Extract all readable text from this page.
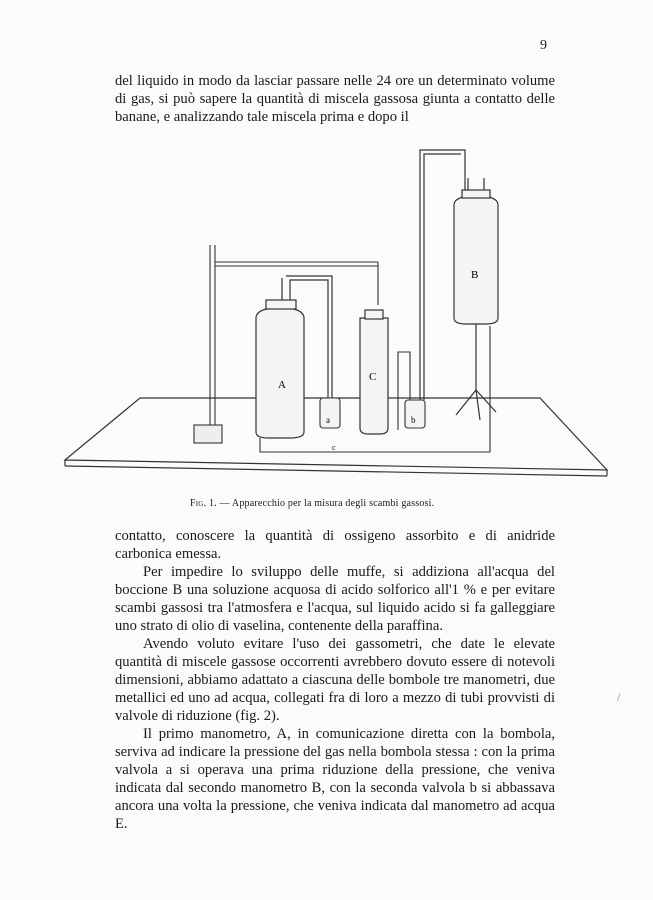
9

del liquido in modo da lasciar passare nelle 24 ore un determinato volume di gas, si può sapere la quantità di miscela gassosa giunta a contatto delle banane, e analizzando tale miscela prima e dopo il

A
a
C
b
B
c
Fig. 1. — Apparecchio per la misura degli scambi gassosi.

contatto, conoscere la quantità di ossigeno assorbito e di anidride carbonica emessa.

Per impedire lo sviluppo delle muffe, si addiziona all'acqua del boccione B una soluzione acquosa di acido solforico all'1 % e per evitare scambi gassosi tra l'atmosfera e l'acqua, sul liquido acido si fa galleggiare uno strato di olio di vaselina, contenente della paraffina.

Avendo voluto evitare l'uso dei gassometri, che date le elevate quantità di miscele gassose occorrenti avrebbero dovuto essere di notevoli dimensioni, abbiamo adattato a ciascuna delle bombole tre manometri, due metallici ed uno ad acqua, collegati fra di loro a mezzo di tubi provvisti di valvole di riduzione (fig. 2).

Il primo manometro, A, in comunicazione diretta con la bombola, serviva ad indicare la pressione del gas nella bombola stessa : con la prima valvola a si operava una prima riduzione della pressione, che veniva indicata dal secondo manometro B, con la seconda valvola b si abbassava ancora una volta la pressione, che veniva indicata dal manometro ad acqua E.

/
